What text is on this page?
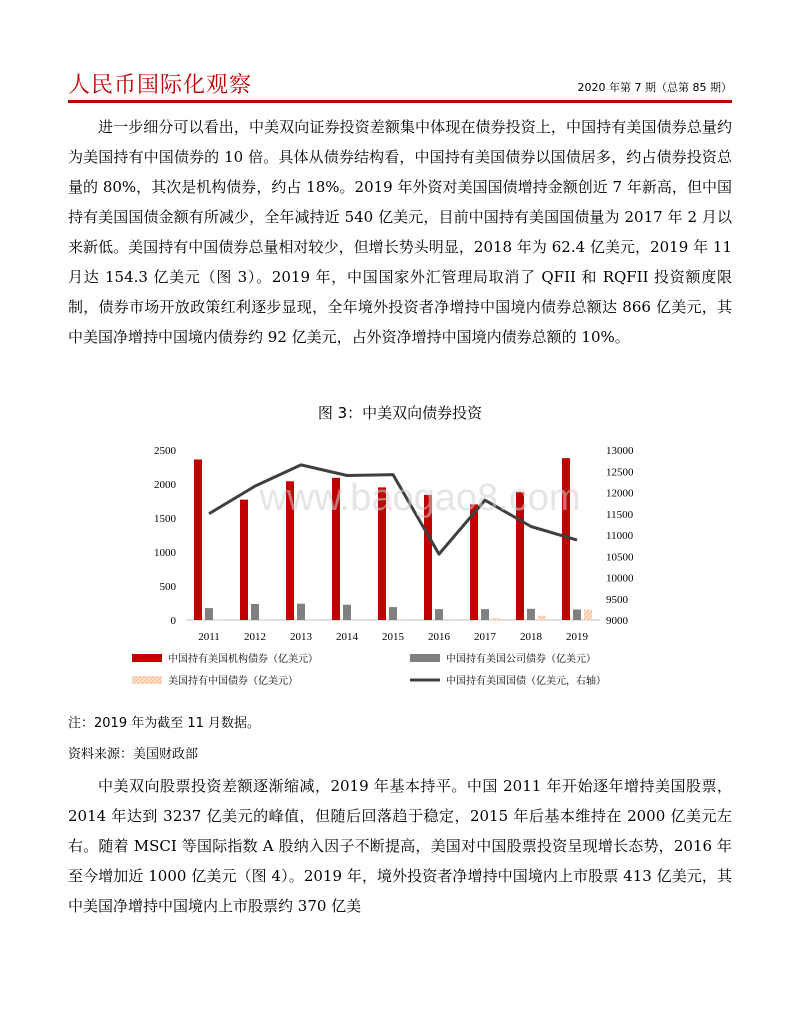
人民币国际化观察	2020 年第 7 期（总第 85 期）

进一步细分可以看出，中美双向证券投资差额集中体现在债券投资上，中国持有美国债券总量约为美国持有中国债券的 10 倍。具体从债券结构看，中国持有美国债券以国债居多，约占债券投资总量的 80%，其次是机构债券，约占 18%。2019 年外资对美国国债增持金额创近 7 年新高，但中国持有美国国债金额有所减少，全年减持近 540 亿美元，目前中国持有美国国债量为 2017 年 2 月以来新低。美国持有中国债券总量相对较少，但增长势头明显，2018 年为 62.4 亿美元，2019 年 11 月达 154.3 亿美元（图 3）。2019 年，中国国家外汇管理局取消了 QFII 和 RQFII 投资额度限制，债券市场开放政策红利逐步显现，全年境外投资者净增持中国境内债券总额达 866 亿美元，其中美国净增持中国境内债券约 92 亿美元，占外资净增持中国境内债券总额的 10%。

图 3：中美双向债券投资
0
500
1000
1500
2000
2500
9000
9500
10000
10500
11000
11500
12000
12500
13000
2011 2012 2013 2014 2015 2016 2017 2018 2019
www.baogao8.com
中国持有美国机构债券（亿美元）	中国持有美国公司债券（亿美元）
美国持有中国债券（亿美元）	中国持有美国国债（亿美元，右轴）
注：2019 年为截至 11 月数据。
资料来源：美国财政部

中美双向股票投资差额逐渐缩减，2019 年基本持平。中国 2011 年开始逐年增持美国股票，2014 年达到 3237 亿美元的峰值，但随后回落趋于稳定，2015 年后基本维持在 2000 亿美元左右。随着 MSCI 等国际指数 A 股纳入因子不断提高，美国对中国股票投资呈现增长态势，2016 年至今增加近 1000 亿美元（图 4）。2019 年，境外投资者净增持中国境内上市股票 413 亿美元，其中美国净增持中国境内上市股票约 370 亿美
